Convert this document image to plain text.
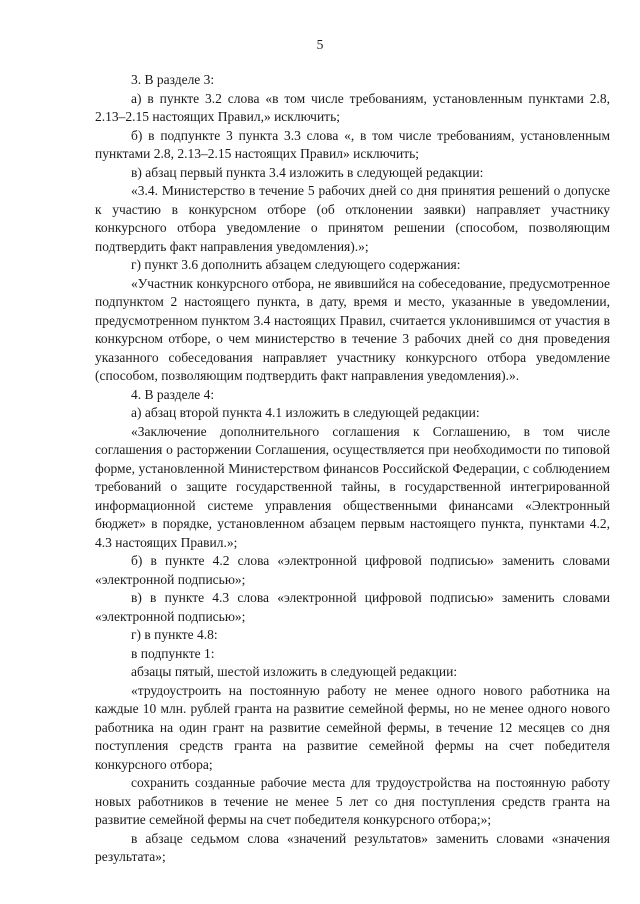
5

3. В разделе 3:

а) в пункте 3.2 слова «в том числе требованиям, установленным пунктами 2.8, 2.13–2.15 настоящих Правил,» исключить;

б) в подпункте 3 пункта 3.3 слова «, в том числе требованиям, установленным пунктами 2.8, 2.13–2.15 настоящих Правил» исключить;

в) абзац первый пункта 3.4 изложить в следующей редакции:

«3.4. Министерство в течение 5 рабочих дней со дня принятия решений о допуске к участию в конкурсном отборе (об отклонении заявки) направляет участнику конкурсного отбора уведомление о принятом решении (способом, позволяющим подтвердить факт направления уведомления).»;

г) пункт 3.6 дополнить абзацем следующего содержания:

«Участник конкурсного отбора, не явившийся на собеседование, предусмотренное подпунктом 2 настоящего пункта, в дату, время и место, указанные в уведомлении, предусмотренном пунктом 3.4 настоящих Правил, считается уклонившимся от участия в конкурсном отборе, о чем министерство в течение 3 рабочих дней со дня проведения указанного собеседования направляет участнику конкурсного отбора уведомление (способом, позволяющим подтвердить факт направления уведомления).».

4. В разделе 4:

а) абзац второй пункта 4.1 изложить в следующей редакции:

«Заключение дополнительного соглашения к Соглашению, в том числе соглашения о расторжении Соглашения, осуществляется при необходимости по типовой форме, установленной Министерством финансов Российской Федерации, с соблюдением требований о защите государственной тайны, в государственной интегрированной информационной системе управления общественными финансами «Электронный бюджет» в порядке, установленном абзацем первым настоящего пункта, пунктами 4.2, 4.3 настоящих Правил.»;

б) в пункте 4.2 слова «электронной цифровой подписью» заменить словами «электронной подписью»;

в) в пункте 4.3 слова «электронной цифровой подписью» заменить словами «электронной подписью»;

г) в пункте 4.8:

в подпункте 1:

абзацы пятый, шестой изложить в следующей редакции:

«трудоустроить на постоянную работу не менее одного нового работника на каждые 10 млн. рублей гранта на развитие семейной фермы, но не менее одного нового работника на один грант на развитие семейной фермы, в течение 12 месяцев со дня поступления средств гранта на развитие семейной фермы на счет победителя конкурсного отбора;

сохранить созданные рабочие места для трудоустройства на постоянную работу новых работников в течение не менее 5 лет со дня поступления средств гранта на развитие семейной фермы на счет победителя конкурсного отбора;»;

в абзаце седьмом слова «значений результатов» заменить словами «значения результата»;
